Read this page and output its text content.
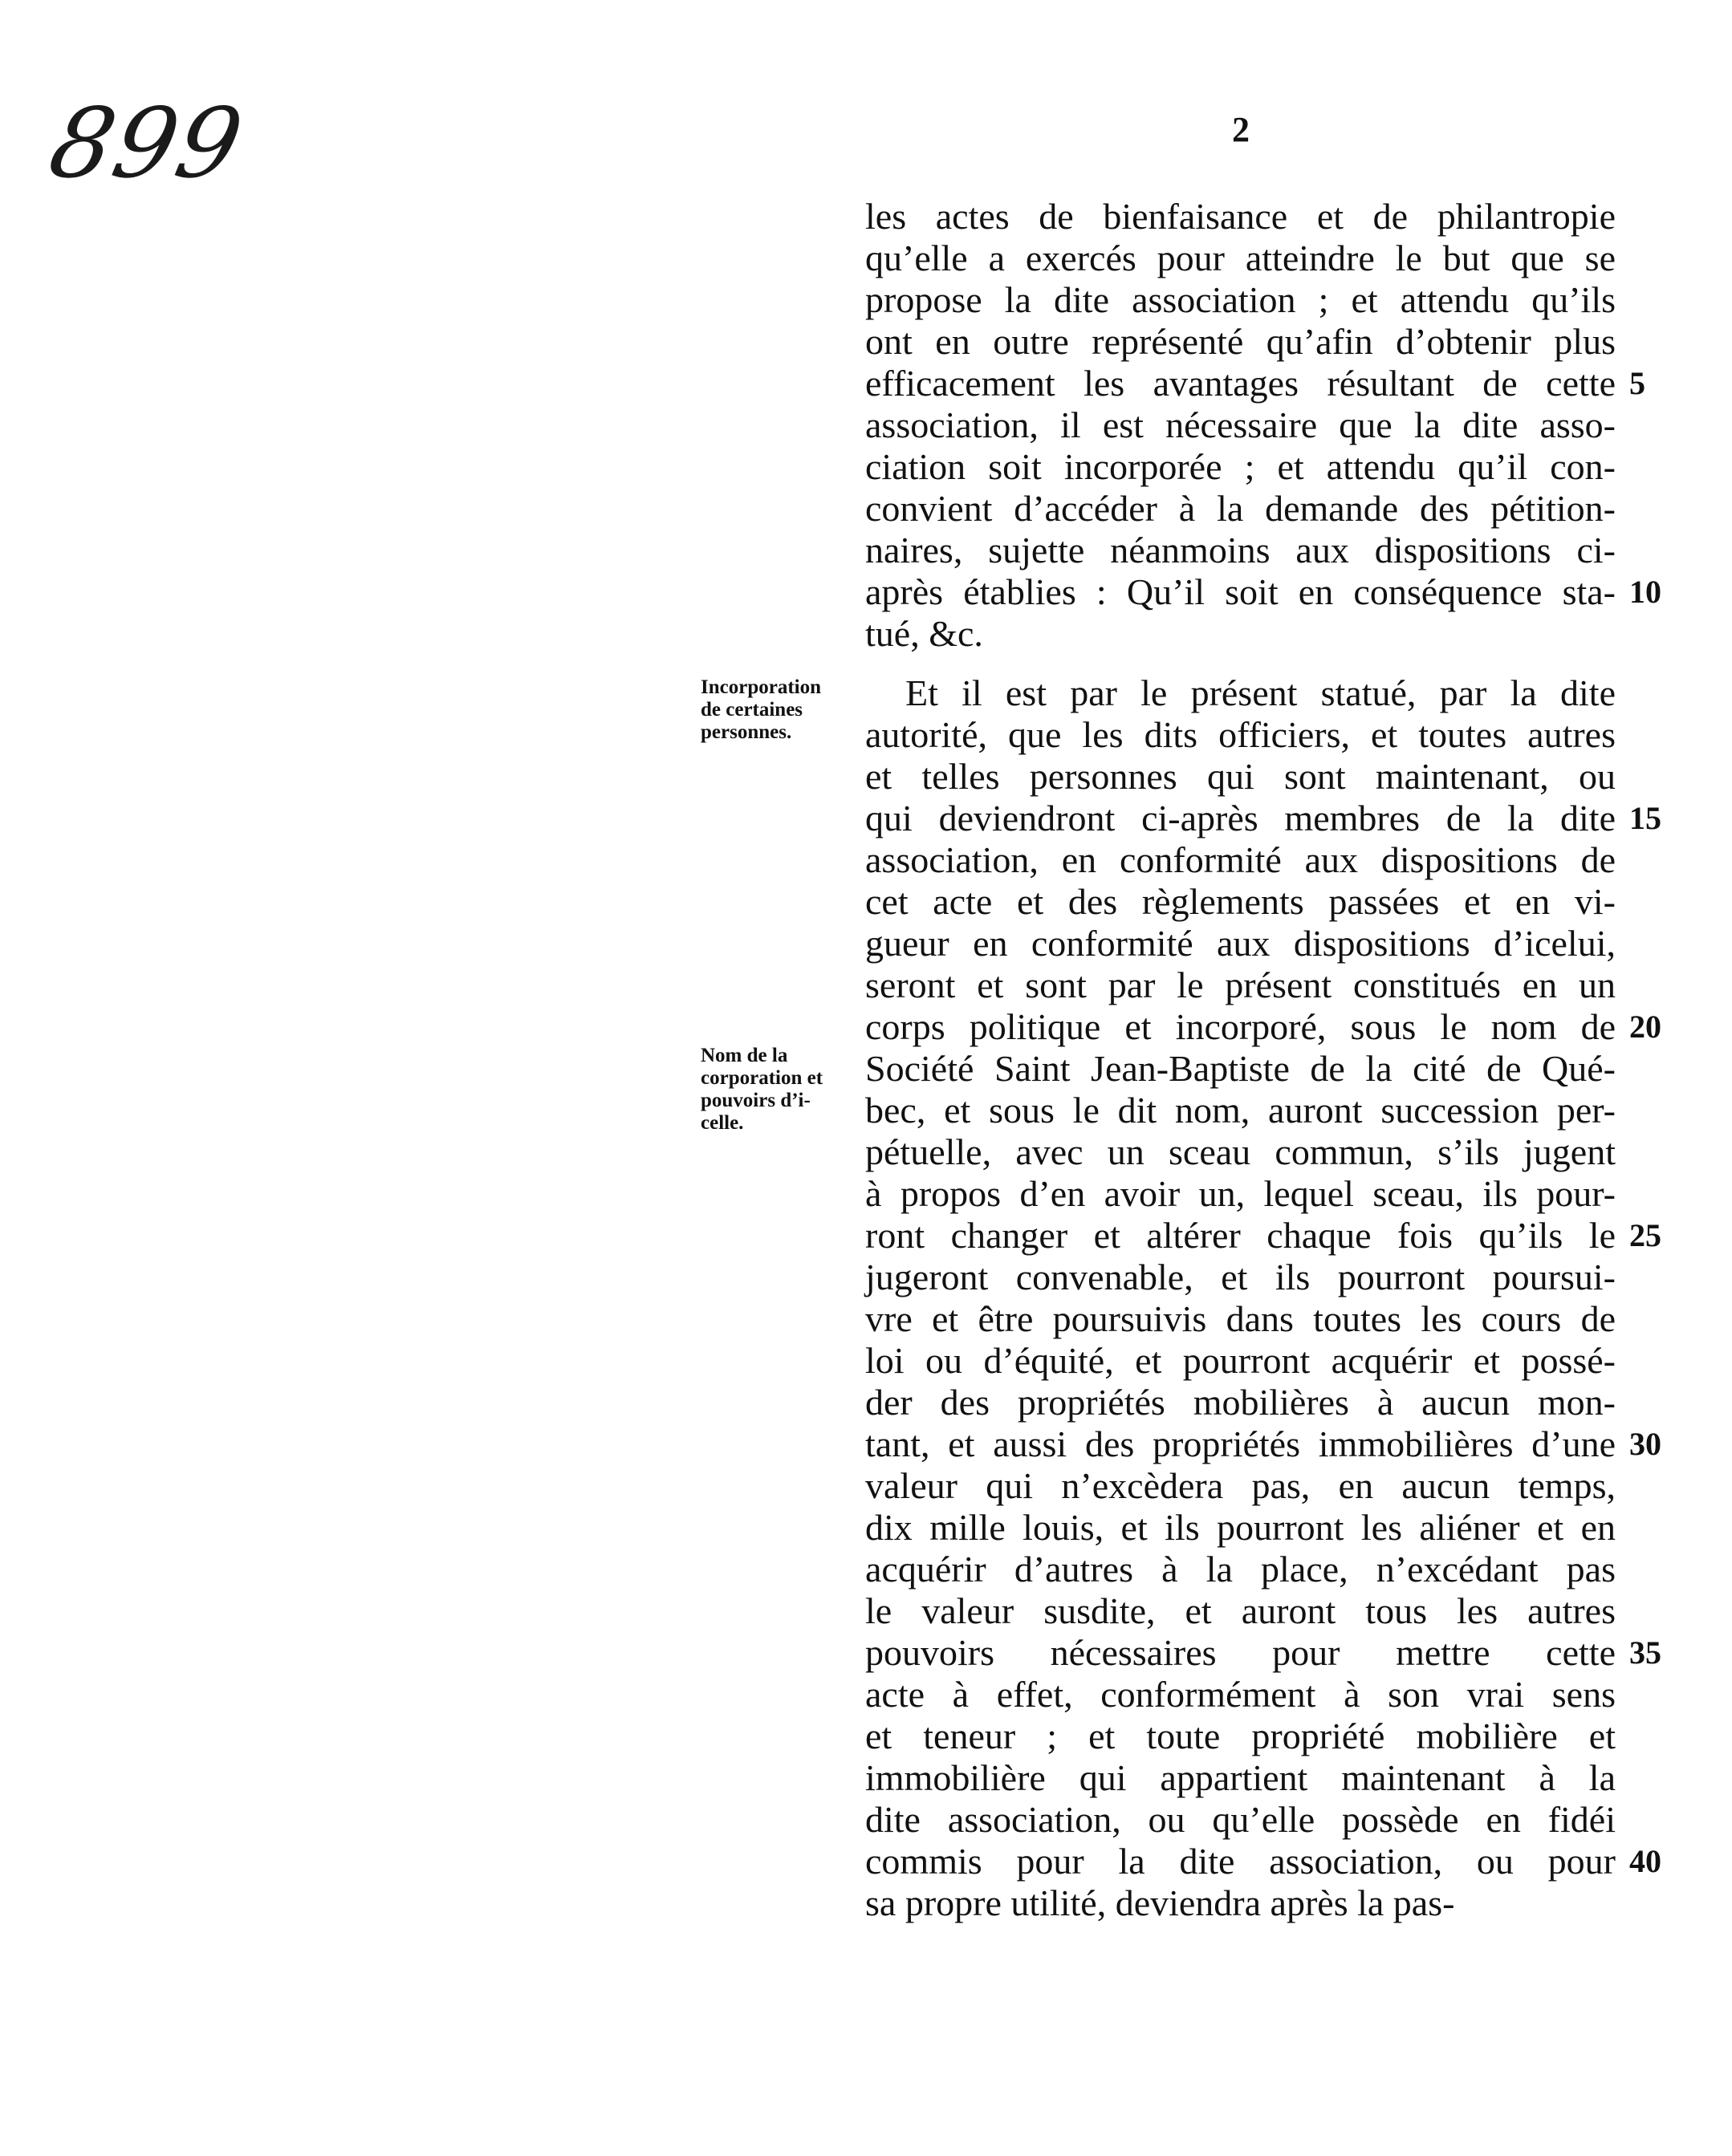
899	2
les actes de bienfaisance et de philantropie
qu’elle a exercés pour atteindre le but que se
propose la dite association ; et attendu qu’ils
ont en outre représenté qu’afin d’obtenir plus
efficacement les avantages résultant de cette
association, il est nécessaire que la dite asso-
ciation soit incorporée ; et attendu qu’il con-
convient d’accéder à la demande des pétition-
naires, sujette néanmoins aux dispositions ci-
après établies : Qu’il soit en conséquence sta-
tué, &c.
Et il est par le présent statué, par la dite
autorité, que les dits officiers, et toutes autres
et telles personnes qui sont maintenant, ou
qui deviendront ci-après membres de la dite
association, en conformité aux dispositions de
cet acte et des règlements passées et en vi-
gueur en conformité aux dispositions d’icelui,
seront et sont par le présent constitués en un
corps politique et incorporé, sous le nom de
Société Saint Jean-Baptiste de la cité de Qué-
bec, et sous le dit nom, auront succession per-
pétuelle, avec un sceau commun, s’ils jugent
à propos d’en avoir un, lequel sceau, ils pour-
ront changer et altérer chaque fois qu’ils le
jugeront convenable, et ils pourront poursui-
vre et être poursuivis dans toutes les cours de
loi ou d’équité, et pourront acquérir et possé-
der des propriétés mobilières à aucun mon-
tant, et aussi des propriétés immobilières d’une
valeur qui n’excèdera pas, en aucun temps,
dix mille louis, et ils pourront les aliéner et en
acquérir d’autres à la place, n’excédant pas
le valeur susdite, et auront tous les autres
pouvoirs nécessaires pour mettre cette
acte à effet, conformément à son vrai sens
et teneur ; et toute propriété mobilière et
immobilière qui appartient maintenant à la
dite association, ou qu’elle possède en fidéi
commis pour la dite association, ou pour
sa propre utilité, deviendra après la pas-
5
10
15
20
25
30
35
40
Incorporation
de certaines
personnes.
Nom de la
corporation et
pouvoirs d’i-
celle.
